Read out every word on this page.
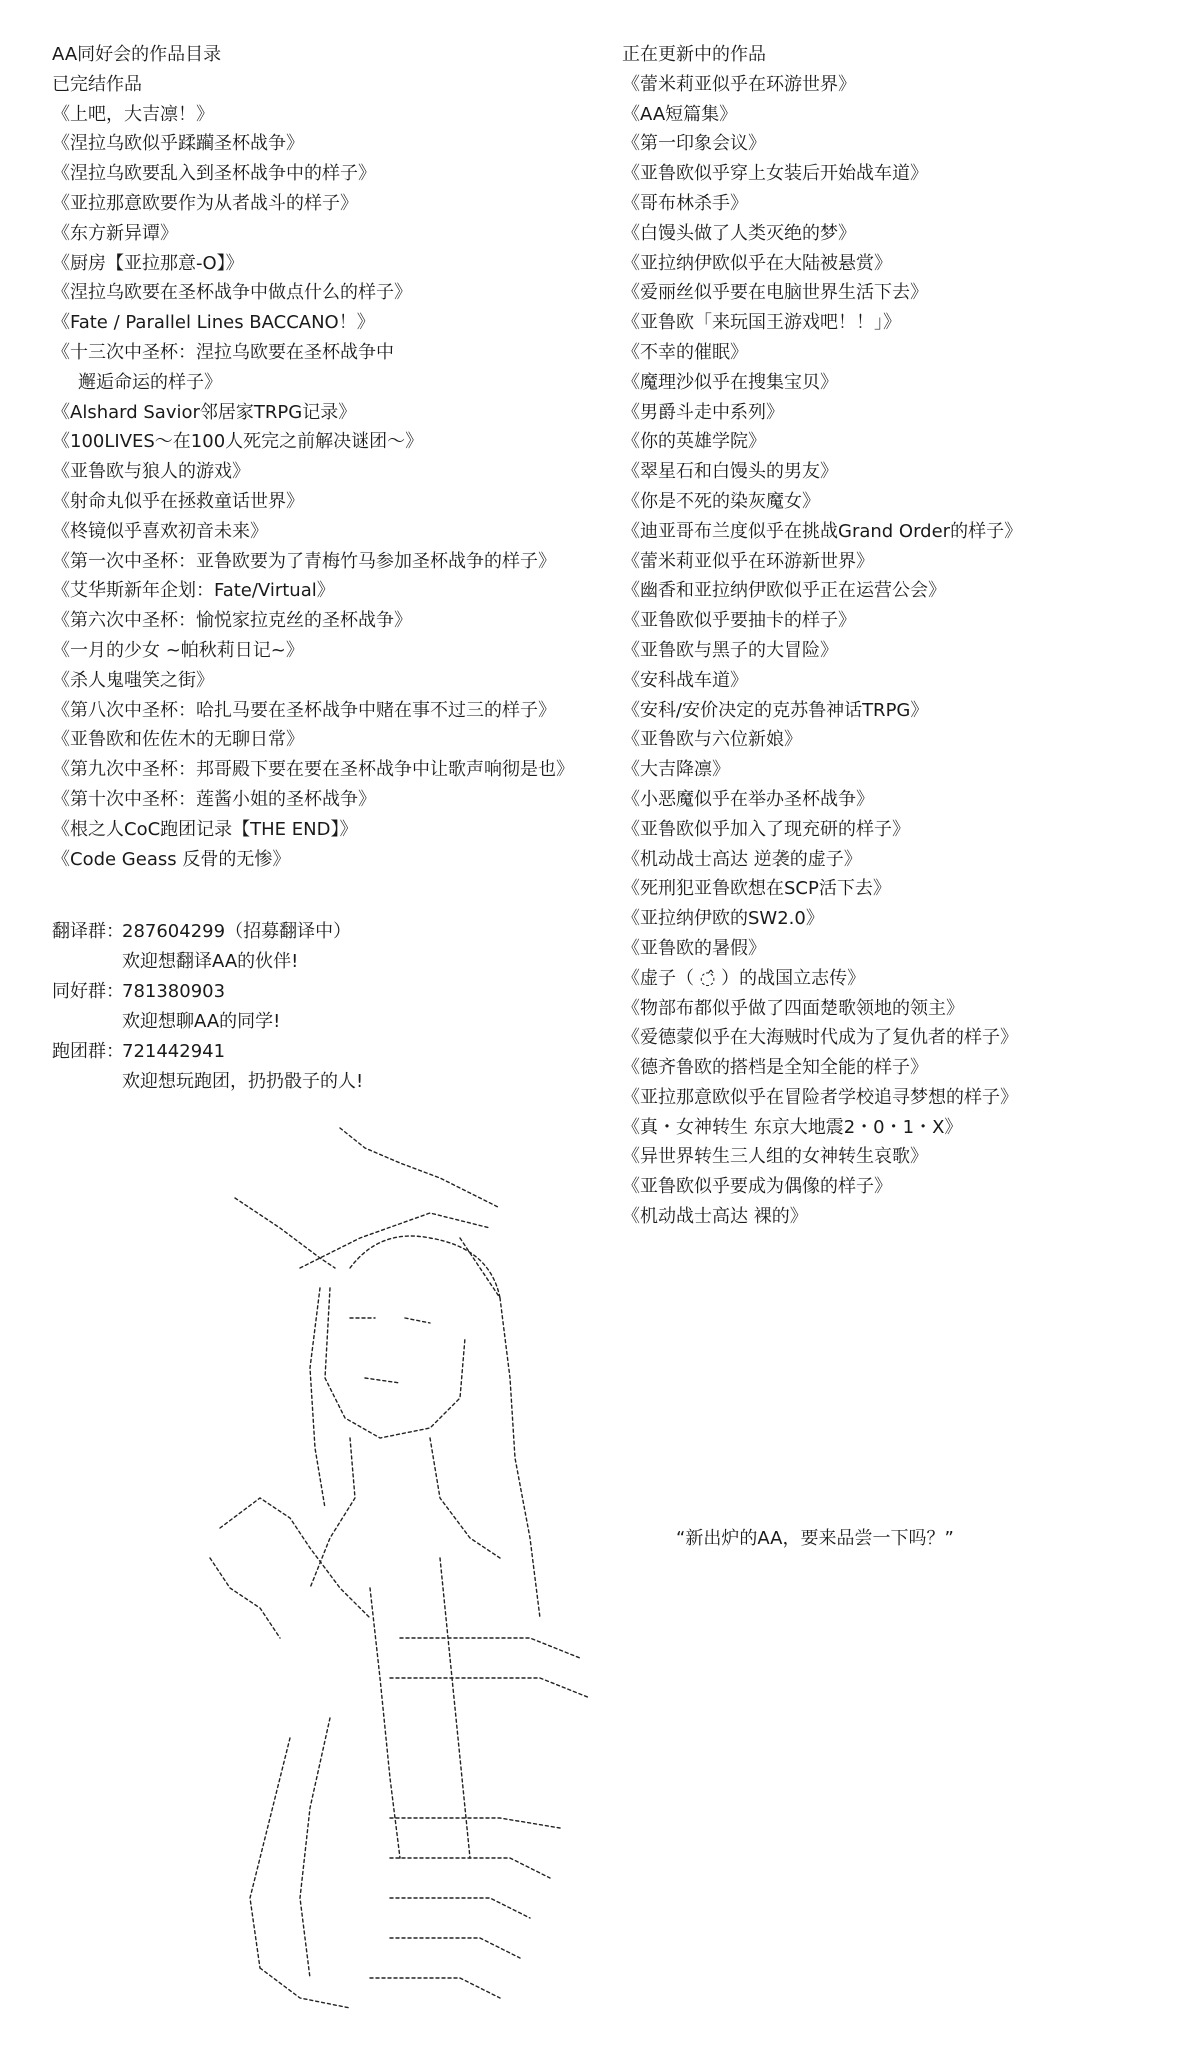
AA同好会的作品目录
已完结作品
《上吧，大吉凛！》
《涅拉乌欧似乎蹂躏圣杯战争》
《涅拉乌欧要乱入到圣杯战争中的样子》
《亚拉那意欧要作为从者战斗的样子》
《东方新异谭》
《厨房【亚拉那意-O】》
《涅拉乌欧要在圣杯战争中做点什么的样子》
《Fate / Parallel Lines BACCANO！》
《十三次中圣杯：涅拉乌欧要在圣杯战争中
邂逅命运的样子》
《Alshard Savior邻居家TRPG记录》
《100LIVES～在100人死完之前解决谜团～》
《亚鲁欧与狼人的游戏》
《射命丸似乎在拯救童话世界》
《柊镜似乎喜欢初音未来》
《第一次中圣杯：亚鲁欧要为了青梅竹马参加圣杯战争的样子》
《艾华斯新年企划：Fate/Virtual》
《第六次中圣杯：愉悦家拉克丝的圣杯战争》
《一月的少女 ~帕秋莉日记~》
《杀人鬼嗤笑之街》
《第八次中圣杯：哈扎马要在圣杯战争中赌在事不过三的样子》
《亚鲁欧和佐佐木的无聊日常》
《第九次中圣杯：邦哥殿下要在要在圣杯战争中让歌声响彻是也》
《第十次中圣杯：莲酱小姐的圣杯战争》
《根之人CoC跑团记录【THE END】》
《Code Geass 反骨的无惨》
翻译群：287604299（招募翻译中）
欢迎想翻译AA的伙伴!
同好群：781380903
欢迎想聊AA的同学!
跑团群：721442941
欢迎想玩跑团，扔扔骰子的人!
正在更新中的作品
《蕾米莉亚似乎在环游世界》
《AA短篇集》
《第一印象会议》
《亚鲁欧似乎穿上女装后开始战车道》
《哥布林杀手》
《白馒头做了人类灭绝的梦》
《亚拉纳伊欧似乎在大陆被悬赏》
《爱丽丝似乎要在电脑世界生活下去》
《亚鲁欧「来玩国王游戏吧！！」》
《不幸的催眠》
《魔理沙似乎在搜集宝贝》
《男爵斗走中系列》
《你的英雄学院》
《翠星石和白馒头的男友》
《你是不死的染灰魔女》
《迪亚哥布兰度似乎在挑战Grand Order的样子》
《蕾米莉亚似乎在环游新世界》
《幽香和亚拉纳伊欧似乎正在运营公会》
《亚鲁欧似乎要抽卡的样子》
《亚鲁欧与黑子的大冒险》
《安科战车道》
《安科/安价决定的克苏鲁神话TRPG》
《亚鲁欧与六位新娘》
《大吉降凛》
《小恶魔似乎在举办圣杯战争》
《亚鲁欧似乎加入了现充研的样子》
《机动战士高达 逆袭的虚子》
《死刑犯亚鲁欧想在SCP活下去》
《亚拉纳伊欧的SW2.0》
《亚鲁欧的暑假》
《虚子（ ◌̂ ）的战国立志传》
《物部布都似乎做了四面楚歌领地的领主》
《爱德蒙似乎在大海贼时代成为了复仇者的样子》
《德齐鲁欧的搭档是全知全能的样子》
《亚拉那意欧似乎在冒险者学校追寻梦想的样子》
《真・女神转生 东京大地震2・0・1・X》
《异世界转生三人组的女神转生哀歌》
《亚鲁欧似乎要成为偶像的样子》
《机动战士高达 裸的》
“新出炉的AA，要来品尝一下吗？”
